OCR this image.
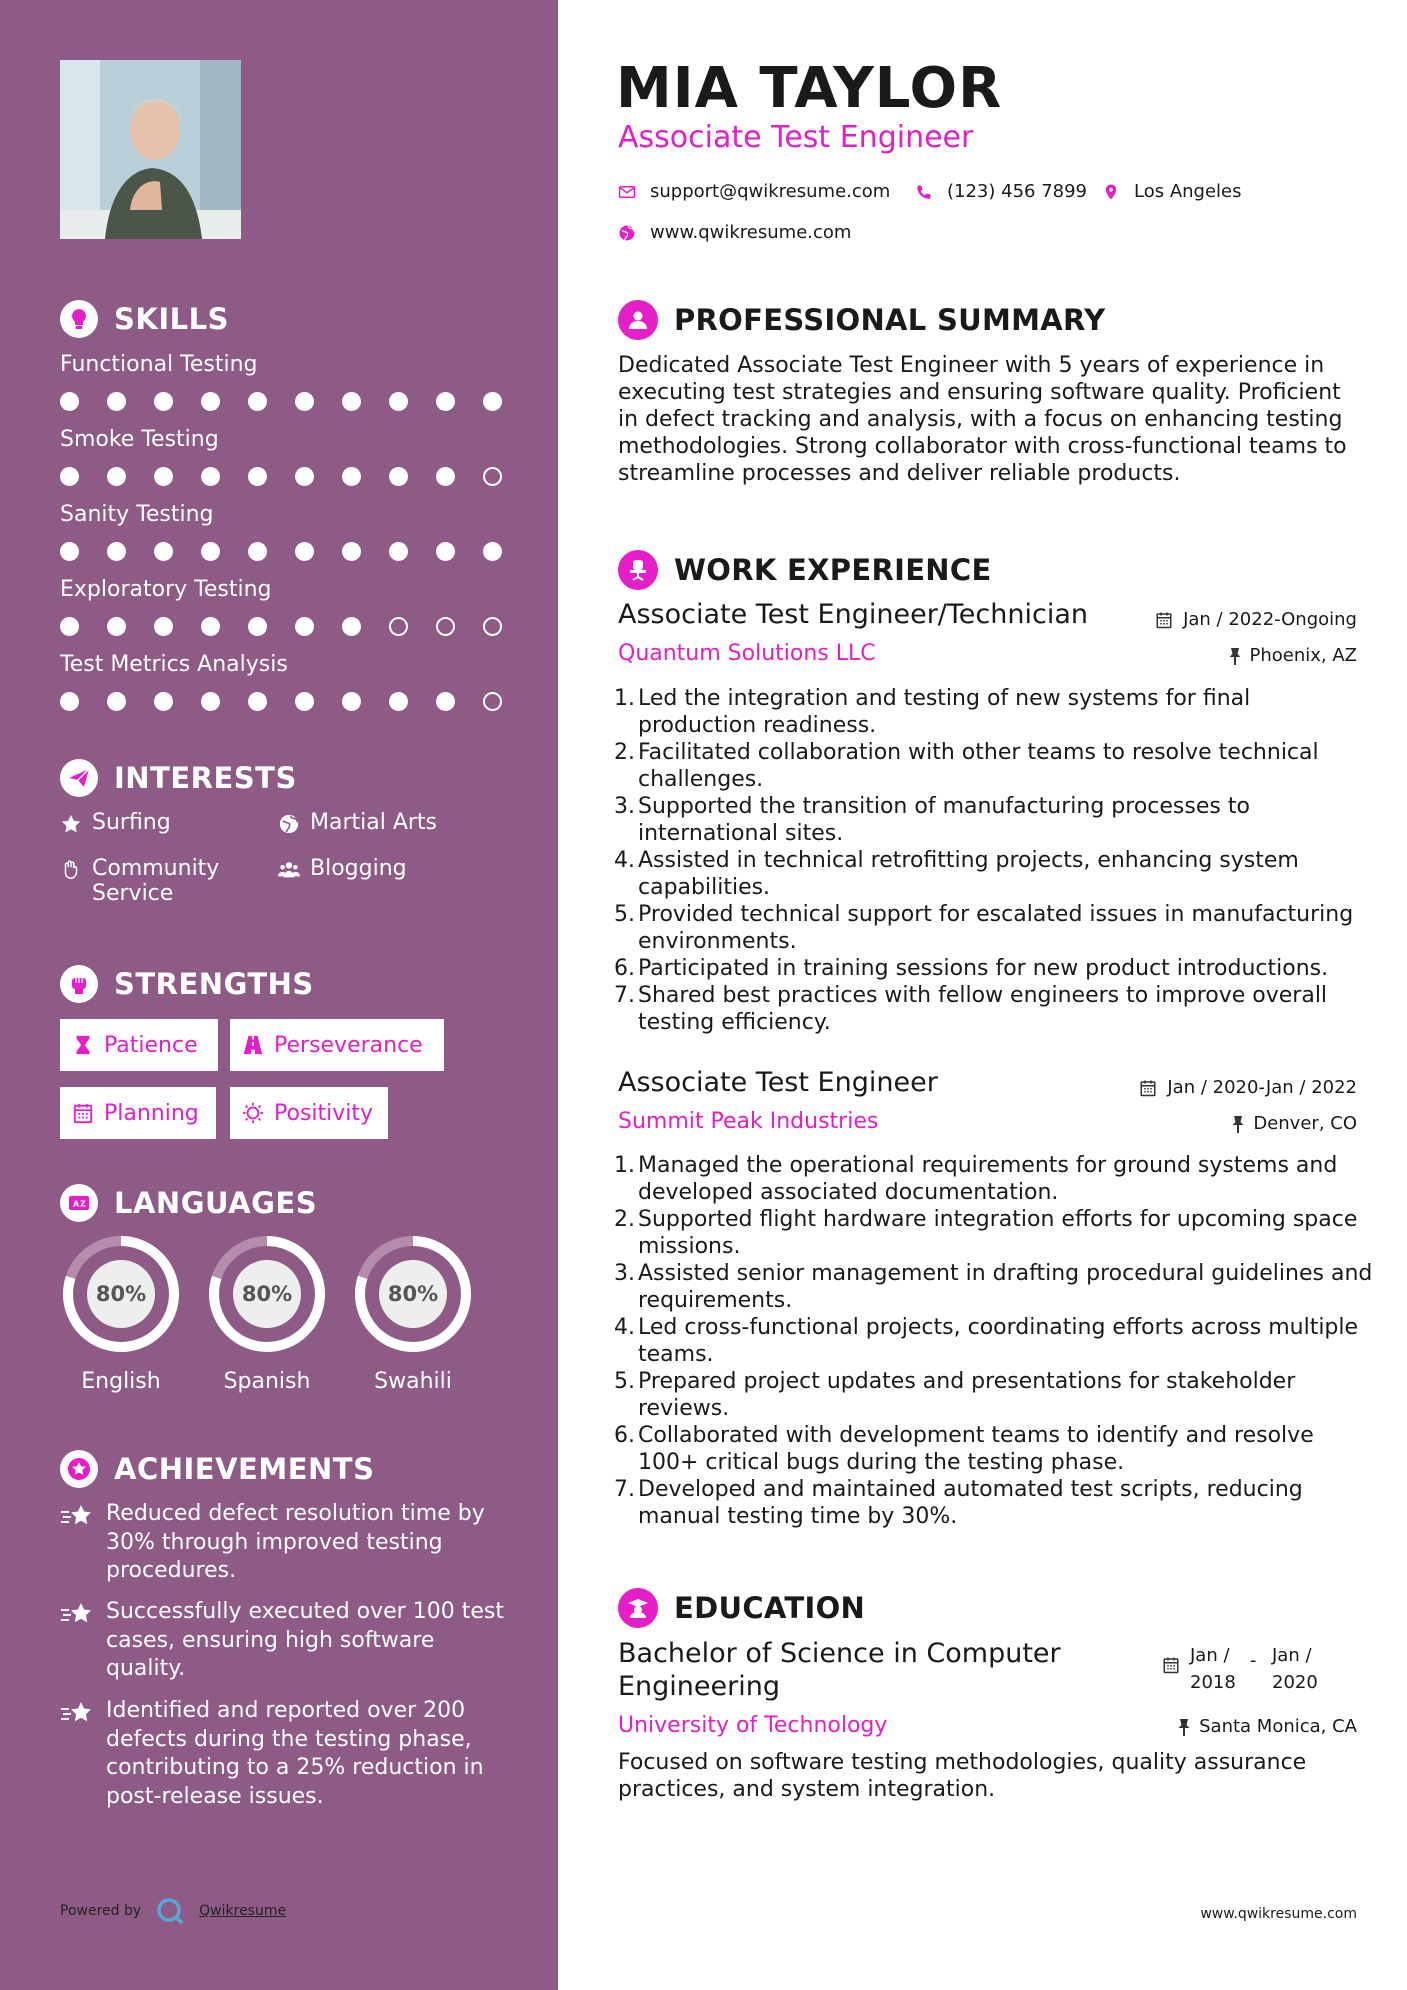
SKILLS
Functional Testing
Smoke Testing
Sanity Testing
Exploratory Testing
Test Metrics Analysis
INTERESTS
Surfing	Martial Arts
Community Service
Blogging
STRENGTHS
Patience	Perseverance
Planning	Positivity
A Z LANGUAGES
80%
English
80%
Spanish
80%
Swahili
ACHIEVEMENTS
Reduced defect resolution time by 30% through improved testing procedures.
Successfully executed over 100 test cases, ensuring high software quality.
Identified and reported over 200 defects during the testing phase, contributing to a 25% reduction in post-release issues.
Powered by	Qwikresume
MIA TAYLOR
Associate Test Engineer
support@qwikresume.com	(123) 456 7899	Los Angeles
www.qwikresume.com
PROFESSIONAL SUMMARY
Dedicated Associate Test Engineer with 5 years of experience in executing test strategies and ensuring software quality. Proficient in defect tracking and analysis, with a focus on enhancing testing methodologies. Strong collaborator with cross-functional teams to streamline processes and deliver reliable products.
WORK EXPERIENCE
Associate Test Engineer/Technician	Jan / 2022-Ongoing
Quantum Solutions LLC	Phoenix, AZ
1. Led the integration and testing of new systems for final production readiness.
2. Facilitated collaboration with other teams to resolve technical challenges.
3. Supported the transition of manufacturing processes to international sites.
4. Assisted in technical retrofitting projects, enhancing system capabilities.
5. Provided technical support for escalated issues in manufacturing environments.
6. Participated in training sessions for new product introductions.
7. Shared best practices with fellow engineers to improve overall testing efficiency.
Associate Test Engineer	Jan / 2020-Jan / 2022
Summit Peak Industries	Denver, CO
1. Managed the operational requirements for ground systems and developed associated documentation.
2. Supported flight hardware integration efforts for upcoming space missions.
3. Assisted senior management in drafting procedural guidelines and requirements.
4. Led cross-functional projects, coordinating efforts across multiple teams.
5. Prepared project updates and presentations for stakeholder reviews.
6. Collaborated with development teams to identify and resolve 100+ critical bugs during the testing phase.
7. Developed and maintained automated test scripts, reducing manual testing time by 30%.
EDUCATION
Bachelor of Science in Computer Engineering
Jan / 2018
- Jan / 2020
University of Technology	Santa Monica, CA
Focused on software testing methodologies, quality assurance practices, and system integration.
www.qwikresume.com
